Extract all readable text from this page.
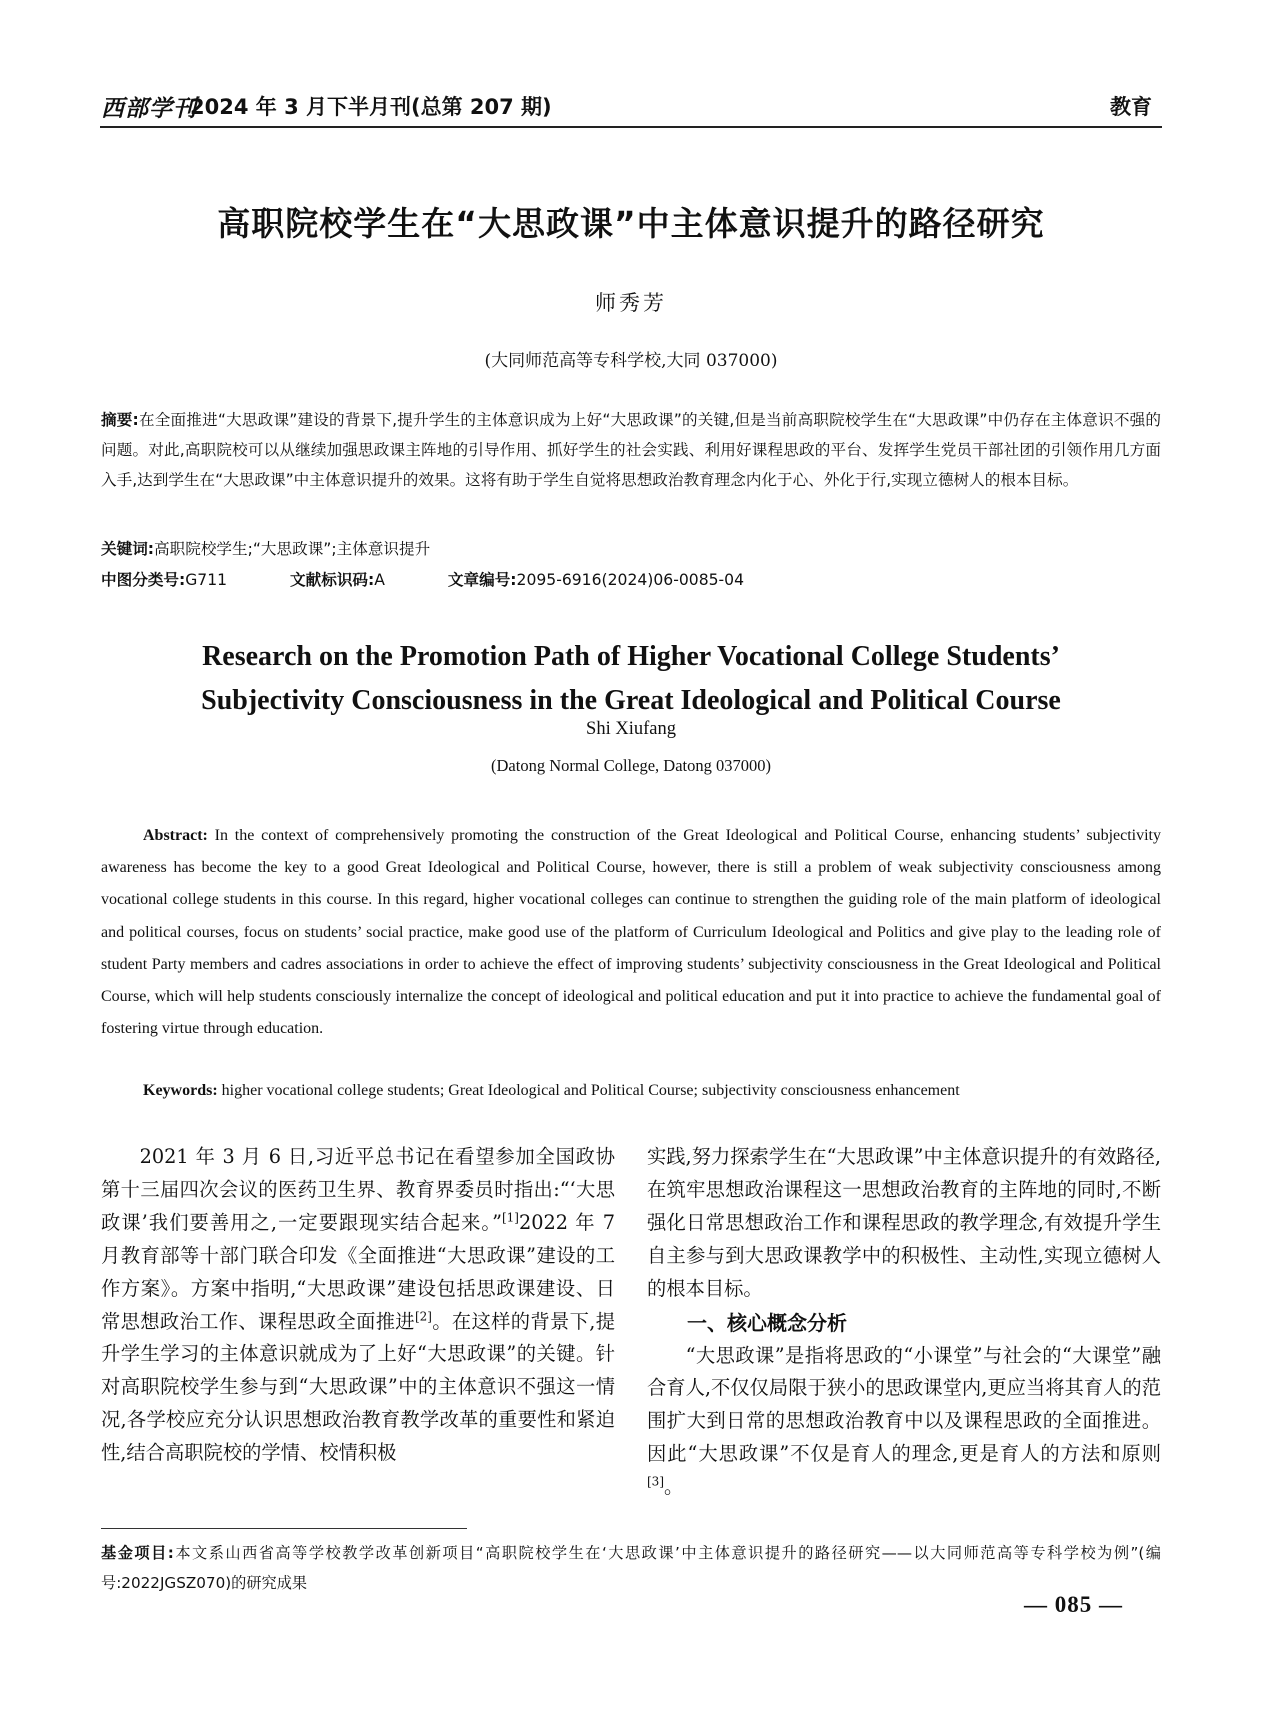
西部学刊
2024 年 3 月下半月刊(总第 207 期)	教育
高职院校学生在“大思政课”中主体意识提升的路径研究
师秀芳
(大同师范高等专科学校,大同 037000)
摘要:在全面推进“大思政课”建设的背景下,提升学生的主体意识成为上好“大思政课”的关键,但是当前高职院校学生在“大思政课”中仍存在主体意识不强的问题。对此,高职院校可以从继续加强思政课主阵地的引导作用、抓好学生的社会实践、利用好课程思政的平台、发挥学生党员干部社团的引领作用几方面入手,达到学生在“大思政课”中主体意识提升的效果。这将有助于学生自觉将思想政治教育理念内化于心、外化于行,实现立德树人的根本目标。
关键词:高职院校学生;“大思政课”;主体意识提升
中图分类号:G711	文献标识码:A	文章编号:2095-6916(2024)06-0085-04
Research on the Promotion Path of Higher Vocational College Students’
Subjectivity Consciousness in the Great Ideological and Political Course
Shi Xiufang
(Datong Normal College, Datong 037000)
Abstract: In the context of comprehensively promoting the construction of the Great Ideological and Political Course, enhancing students’ subjectivity awareness has become the key to a good Great Ideological and Political Course, however, there is still a problem of weak subjectivity consciousness among vocational college students in this course. In this regard, higher vocational colleges can continue to strengthen the guiding role of the main platform of ideological and political courses, focus on students’ social practice, make good use of the platform of Curriculum Ideological and Politics and give play to the leading role of student Party members and cadres associations in order to achieve the effect of improving students’ subjectivity consciousness in the Great Ideological and Political Course, which will help students consciously internalize the concept of ideological and political education and put it into practice to achieve the fundamental goal of fostering virtue through education.
Keywords: higher vocational college students; Great Ideological and Political Course; subjectivity consciousness enhancement

2021 年 3 月 6 日,习近平总书记在看望参加全国政协第十三届四次会议的医药卫生界、教育界委员时指出:“‘大思政课’我们要善用之,一定要跟现实结合起来。”[1]2022 年 7 月教育部等十部门联合印发《全面推进“大思政课”建设的工作方案》。方案中指明,“大思政课”建设包括思政课建设、日常思想政治工作、课程思政全面推进[2]。在这样的背景下,提升学生学习的主体意识就成为了上好“大思政课”的关键。针对高职院校学生参与到“大思政课”中的主体意识不强这一情况,各学校应充分认识思想政治教育教学改革的重要性和紧迫性,结合高职院校的学情、校情积极

实践,努力探索学生在“大思政课”中主体意识提升的有效路径,在筑牢思想政治课程这一思想政治教育的主阵地的同时,不断强化日常思想政治工作和课程思政的教学理念,有效提升学生自主参与到大思政课教学中的积极性、主动性,实现立德树人的根本目标。

一、核心概念分析

“大思政课”是指将思政的“小课堂”与社会的“大课堂”融合育人,不仅仅局限于狭小的思政课堂内,更应当将其育人的范围扩大到日常的思想政治教育中以及课程思政的全面推进。因此“大思政课”不仅是育人的理念,更是育人的方法和原则[3]。

基金项目:本文系山西省高等学校教学改革创新项目“高职院校学生在‘大思政课’中主体意识提升的路径研究——以大同师范高等专科学校为例”(编号:2022JGSZ070)的研究成果
— 085 —
